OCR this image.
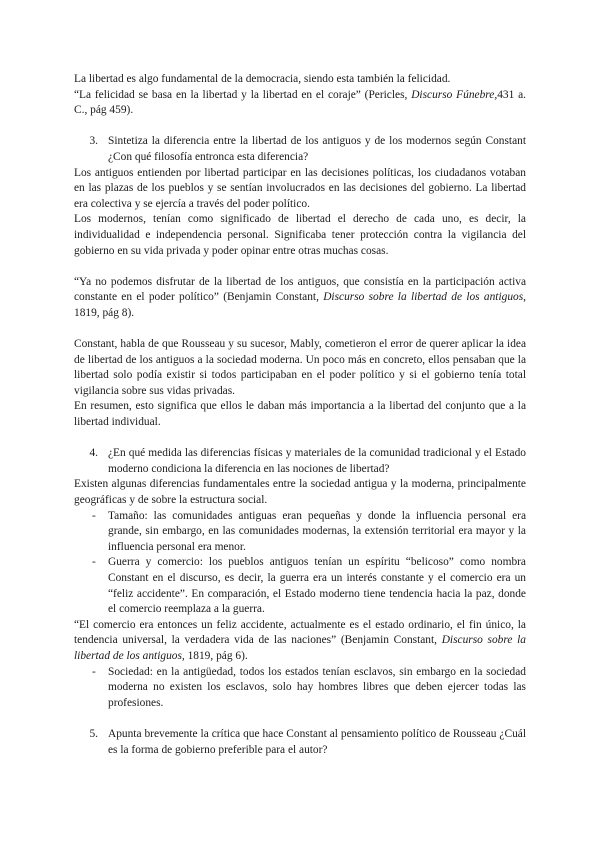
La libertad es algo fundamental de la democracia, siendo esta también la felicidad.

“La felicidad se basa en la libertad y la libertad en el coraje” (Pericles, Discurso Fúnebre,431 a. C., pág 459).

3. Sintetiza la diferencia entre la libertad de los antiguos y de los modernos según Constant ¿Con qué filosofía entronca esta diferencia?

Los antiguos entienden por libertad participar en las decisiones políticas, los ciudadanos votaban en las plazas de los pueblos y se sentían involucrados en las decisiones del gobierno. La libertad era colectiva y se ejercía a través del poder político.

Los modernos, tenían como significado de libertad el derecho de cada uno, es decir, la individualidad e independencia personal. Significaba tener protección contra la vigilancia del gobierno en su vida privada y poder opinar entre otras muchas cosas.

“Ya no podemos disfrutar de la libertad de los antiguos, que consistía en la participación activa constante en el poder político” (Benjamin Constant, Discurso sobre la libertad de los antiguos, 1819, pág 8).

Constant, habla de que Rousseau y su sucesor, Mably, cometieron el error de querer aplicar la idea de libertad de los antiguos a la sociedad moderna. Un poco más en concreto, ellos pensaban que la libertad solo podía existir si todos participaban en el poder político y si el gobierno tenía total vigilancia sobre sus vidas privadas.

En resumen, esto significa que ellos le daban más importancia a la libertad del conjunto que a la libertad individual.

4. ¿En qué medida las diferencias físicas y materiales de la comunidad tradicional y el Estado moderno condiciona la diferencia en las nociones de libertad?

Existen algunas diferencias fundamentales entre la sociedad antigua y la moderna, principalmente geográficas y de sobre la estructura social.

-	Tamaño: las comunidades antiguas eran pequeñas y donde la influencia personal era grande, sin embargo, en las comunidades modernas, la extensión territorial era mayor y la influencia personal era menor.
-	Guerra y comercio: los pueblos antiguos tenían un espíritu “belicoso” como nombra Constant en el discurso, es decir, la guerra era un interés constante y el comercio era un “feliz accidente”. En comparación, el Estado moderno tiene tendencia hacia la paz, donde el comercio reemplaza a la guerra.

“El comercio era entonces un feliz accidente, actualmente es el estado ordinario, el fin único, la tendencia universal, la verdadera vida de las naciones” (Benjamin Constant, Discurso sobre la libertad de los antiguos, 1819, pág 6).

-	Sociedad: en la antigüedad, todos los estados tenían esclavos, sin embargo en la sociedad moderna no existen los esclavos, solo hay hombres libres que deben ejercer todas las profesiones.
5. Apunta brevemente la crítica que hace Constant al pensamiento político de Rousseau ¿Cuál es la forma de gobierno preferible para el autor?
